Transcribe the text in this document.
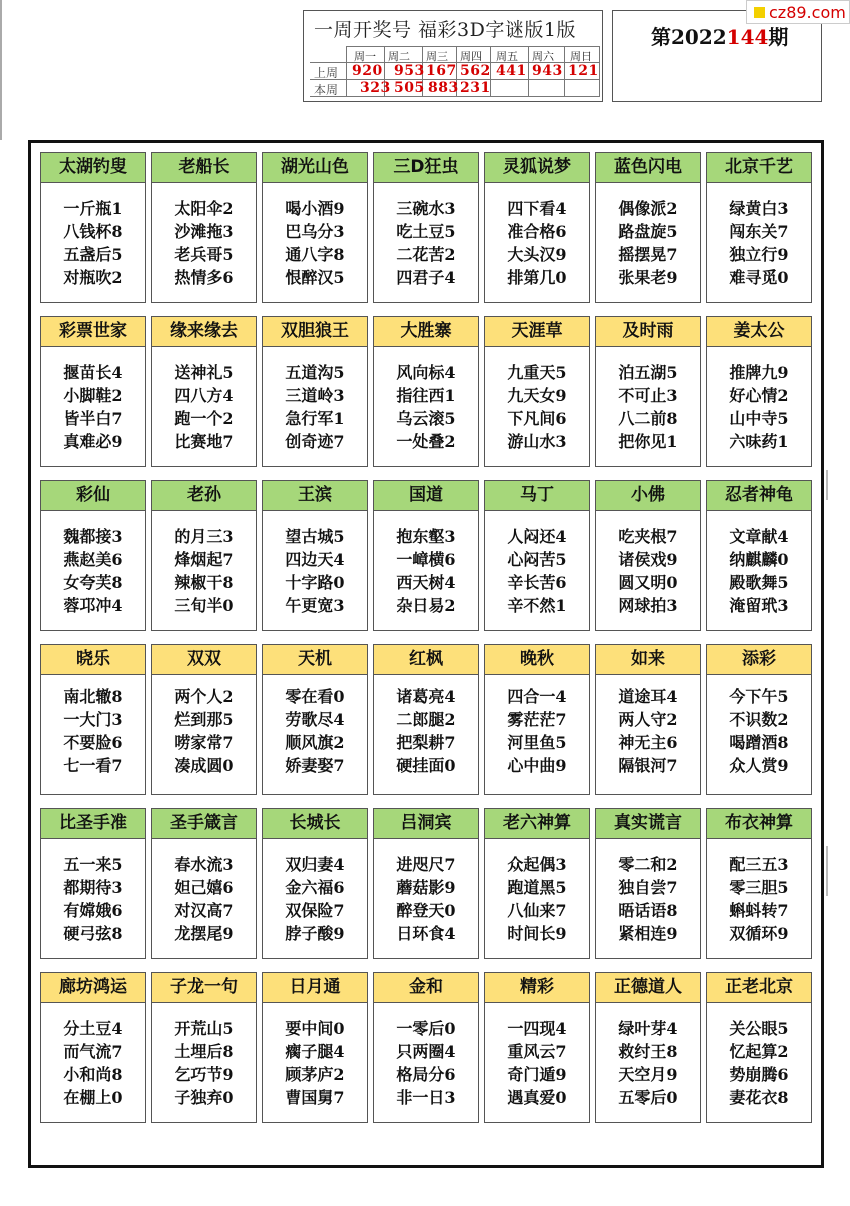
一周开奖号 福彩3D字谜版1版
周一 周二 周三 周四 周五 周六 周日
上周
本周
920 953 167 562 441 943 121
323 505 883 231
第2022144期
cz89.com
太湖钓叟
一斤瓶1
八钱杯8
五盏后5
对瓶吹2
老船长
太阳伞2
沙滩拖3
老兵哥5
热情多6
湖光山色
喝小酒9
巴乌分3
通八字8
恨醉汉5
三D狂虫
三碗水3
吃土豆5
二花苦2
四君子4
灵狐说梦
四下看4
准合格6
大头汉9
排第几0
蓝色闪电
偶像派2
路盘旋5
摇摆晃7
张果老9
北京千艺
绿黄白3
闯东关7
独立行9
难寻觅0
彩票世家
揠苗长4
小脚鞋2
皆半白7
真难必9
缘来缘去
送神礼5
四八方4
跑一个2
比赛地7
双胆狼王
五道沟5
三道岭3
急行军1
创奇迹7
大胜寨
风向标4
指往西1
乌云滚5
一处叠2
天涯草
九重天5
九天女9
下凡间6
游山水3
及时雨
泊五湖5
不可止3
八二前8
把你见1
姜太公
推牌九9
好心情2
山中寺5
六味药1
彩仙
魏都接3
燕赵美6
女夸芙8
蓉邛冲4
老孙
的月三3
烽烟起7
辣椒干8
三旬半0
王滨
望古城5
四边天4
十字路0
午更宽3
国道
抱东壑3
一嶂横6
西天树4
杂日易2
马丁
人闷还4
心闷苦5
辛长苦6
辛不然1
小佛
吃夹根7
诸侯戏9
圆又明0
网球拍3
忍者神龟
文章献4
纳麒麟0
殿歌舞5
淹留玳3
晓乐
南北辙8
一大门3
不要脸6
七一看7
双双
两个人2
烂到那5
唠家常7
凑成圆0
天机
零在看0
劳歌尽4
顺风旗2
娇妻娶7
红枫
诸葛亮4
二郎腿2
把梨耕7
硬挂面0
晚秋
四合一4
雾茫茫7
河里鱼5
心中曲9
如来
道途耳4
两人守2
神无主6
隔银河7
添彩
今下午5
不识数2
喝蹭酒8
众人赏9
比圣手准
五一来5
都期待3
有嫦娥6
硬弓弦8
圣手箴言
春水流3
妲己嬉6
对汉高7
龙摆尾9
长城长
双归妻4
金六福6
双保险7
脖子酸9
吕洞宾
进咫尺7
蘑菇影9
醉登天0
日环食4
老六神算
众起偶3
跑道黑5
八仙来7
时间长9
真实谎言
零二和2
独自尝7
晤话语8
紧相连9
布衣神算
配三五3
零三胆5
蝌蚪转7
双循环9
廊坊鸿运
分土豆4
而气流7
小和尚8
在棚上0
子龙一句
开荒山5
土埋后8
乞巧节9
子独弃0
日月通
要中间0
瘸子腿4
顾茅庐2
曹国舅7
金和
一零后0
只两圈4
格局分6
非一日3
精彩
一四现4
重风云7
奇门遁9
遇真爱0
正德道人
绿叶芽4
救纣王8
天空月9
五零后0
正老北京
关公眼5
忆起算2
势崩腾6
妻花衣8
